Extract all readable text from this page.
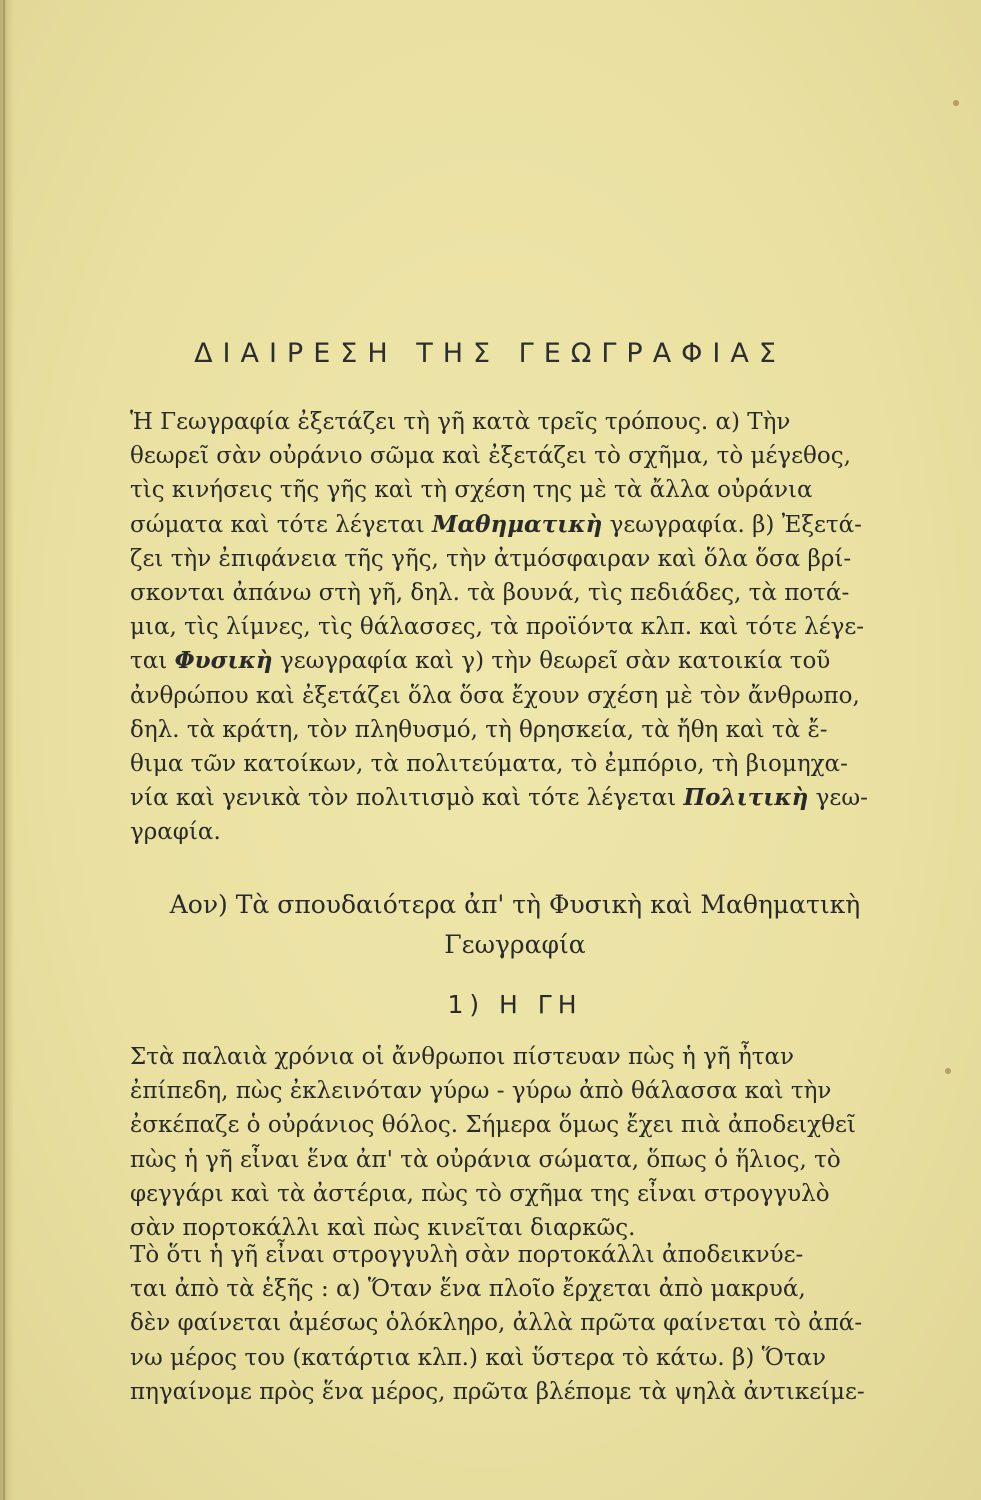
ΔΙΑΙΡΕΣΗ ΤΗΣ ΓΕΩΓΡΑΦΙΑΣ
Ἡ Γεωγραφία ἐξετάζει τὴ γῆ κατὰ τρεῖς τρόπους. α) Τὴν
θεωρεῖ σὰν οὐράνιο σῶμα καὶ ἐξετάζει τὸ σχῆμα, τὸ μέγεθος,
τὶς κινήσεις τῆς γῆς καὶ τὴ σχέση της μὲ τὰ ἄλλα οὐράνια
σώματα καὶ τότε λέγεται Μαθηματικὴ γεωγραφία. β) Ἐξετά-
ζει τὴν ἐπιφάνεια τῆς γῆς, τὴν ἀτμόσφαιραν καὶ ὅλα ὅσα βρί-
σκονται ἀπάνω στὴ γῆ, δηλ. τὰ βουνά, τὶς πεδιάδες, τὰ ποτά-
μια, τὶς λίμνες, τὶς θάλασσες, τὰ προϊόντα κλπ. καὶ τότε λέγε-
ται Φυσικὴ γεωγραφία καὶ γ) τὴν θεωρεῖ σὰν κατοικία τοῦ
ἀνθρώπου καὶ ἐξετάζει ὅλα ὅσα ἔχουν σχέση μὲ τὸν ἄνθρωπο,
δηλ. τὰ κράτη, τὸν πληθυσμό, τὴ θρησκεία, τὰ ἤθη καὶ τὰ ἔ-
θιμα τῶν κατοίκων, τὰ πολιτεύματα, τὸ ἐμπόριο, τὴ βιομηχα-
νία καὶ γενικὰ τὸν πολιτισμὸ καὶ τότε λέγεται Πολιτικὴ γεω-
γραφία.
Αον) Τὰ σπουδαιότερα ἀπ' τὴ Φυσικὴ καὶ Μαθηματικὴ
Γεωγραφία
1) Η ΓΗ
Στὰ παλαιὰ χρόνια οἱ ἄνθρωποι πίστευαν πὼς ἡ γῆ ἦταν
ἐπίπεδη, πὼς ἐκλεινόταν γύρω - γύρω ἀπὸ θάλασσα καὶ τὴν
ἐσκέπαζε ὁ οὐράνιος θόλος. Σήμερα ὅμως ἔχει πιὰ ἀποδειχθεῖ
πὼς ἡ γῆ εἶναι ἕνα ἀπ' τὰ οὐράνια σώματα, ὅπως ὁ ἥλιος, τὸ
φεγγάρι καὶ τὰ ἀστέρια, πὼς τὸ σχῆμα της εἶναι στρογγυλὸ
σὰν πορτοκάλλι καὶ πὼς κινεῖται διαρκῶς.
Τὸ ὅτι ἡ γῆ εἶναι στρογγυλὴ σὰν πορτοκάλλι ἀποδεικνύε-
ται ἀπὸ τὰ ἑξῆς : α) Ὅταν ἕνα πλοῖο ἔρχεται ἀπὸ μακρυά,
δὲν φαίνεται ἀμέσως ὁλόκληρο, ἀλλὰ πρῶτα φαίνεται τὸ ἀπά-
νω μέρος του (κατάρτια κλπ.) καὶ ὕστερα τὸ κάτω. β) Ὅταν
πηγαίνομε πρὸς ἕνα μέρος, πρῶτα βλέπομε τὰ ψηλὰ ἀντικείμε-
